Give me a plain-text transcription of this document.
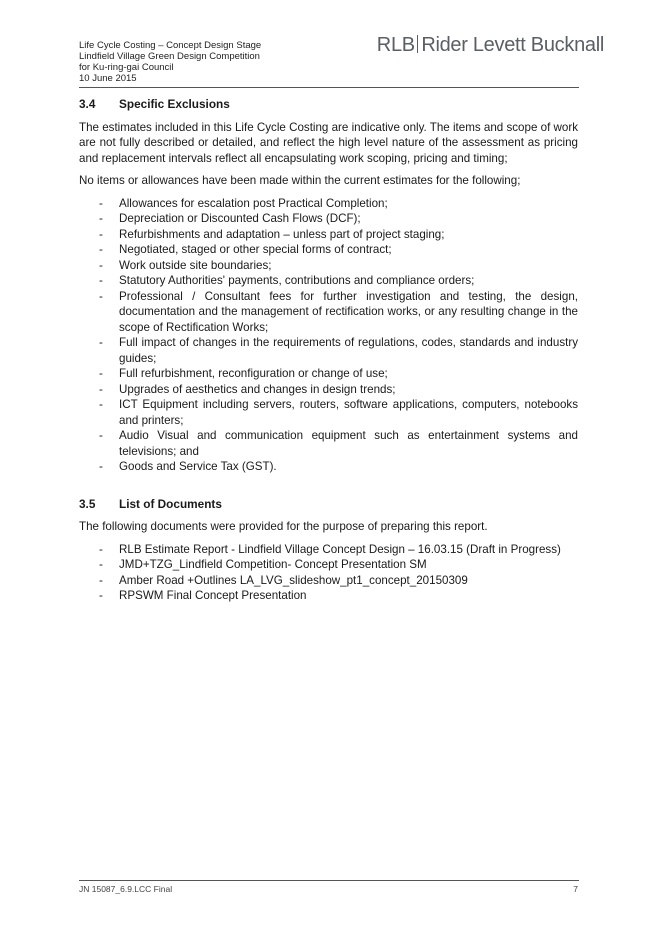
Life Cycle Costing – Concept Design Stage
Lindfield Village Green Design Competition
for Ku-ring-gai Council
10 June 2015
RLB Rider Levett Bucknall
3.4 Specific Exclusions

The estimates included in this Life Cycle Costing are indicative only. The items and scope of work are not fully described or detailed, and reflect the high level nature of the assessment as pricing and replacement intervals reflect all encapsulating work scoping, pricing and timing;

No items or allowances have been made within the current estimates for the following;

- Allowances for escalation post Practical Completion;
- Depreciation or Discounted Cash Flows (DCF);
- Refurbishments and adaptation – unless part of project staging;
- Negotiated, staged or other special forms of contract;
- Work outside site boundaries;
- Statutory Authorities' payments, contributions and compliance orders;
- Professional / Consultant fees for further investigation and testing, the design, documentation and the management of rectification works, or any resulting change in the scope of Rectification Works;
- Full impact of changes in the requirements of regulations, codes, standards and industry guides;
- Full refurbishment, reconfiguration or change of use;
- Upgrades of aesthetics and changes in design trends;
- ICT Equipment including servers, routers, software applications, computers, notebooks and printers;
- Audio Visual and communication equipment such as entertainment systems and televisions; and
- Goods and Service Tax (GST).
3.5 List of Documents

The following documents were provided for the purpose of preparing this report.

- RLB Estimate Report - Lindfield Village Concept Design – 16.03.15 (Draft in Progress)
- JMD+TZG_Lindfield Competition- Concept Presentation SM
- Amber Road +Outlines LA_LVG_slideshow_pt1_concept_20150309
- RPSWM Final Concept Presentation
JN 15087_6.9.LCC Final	7
